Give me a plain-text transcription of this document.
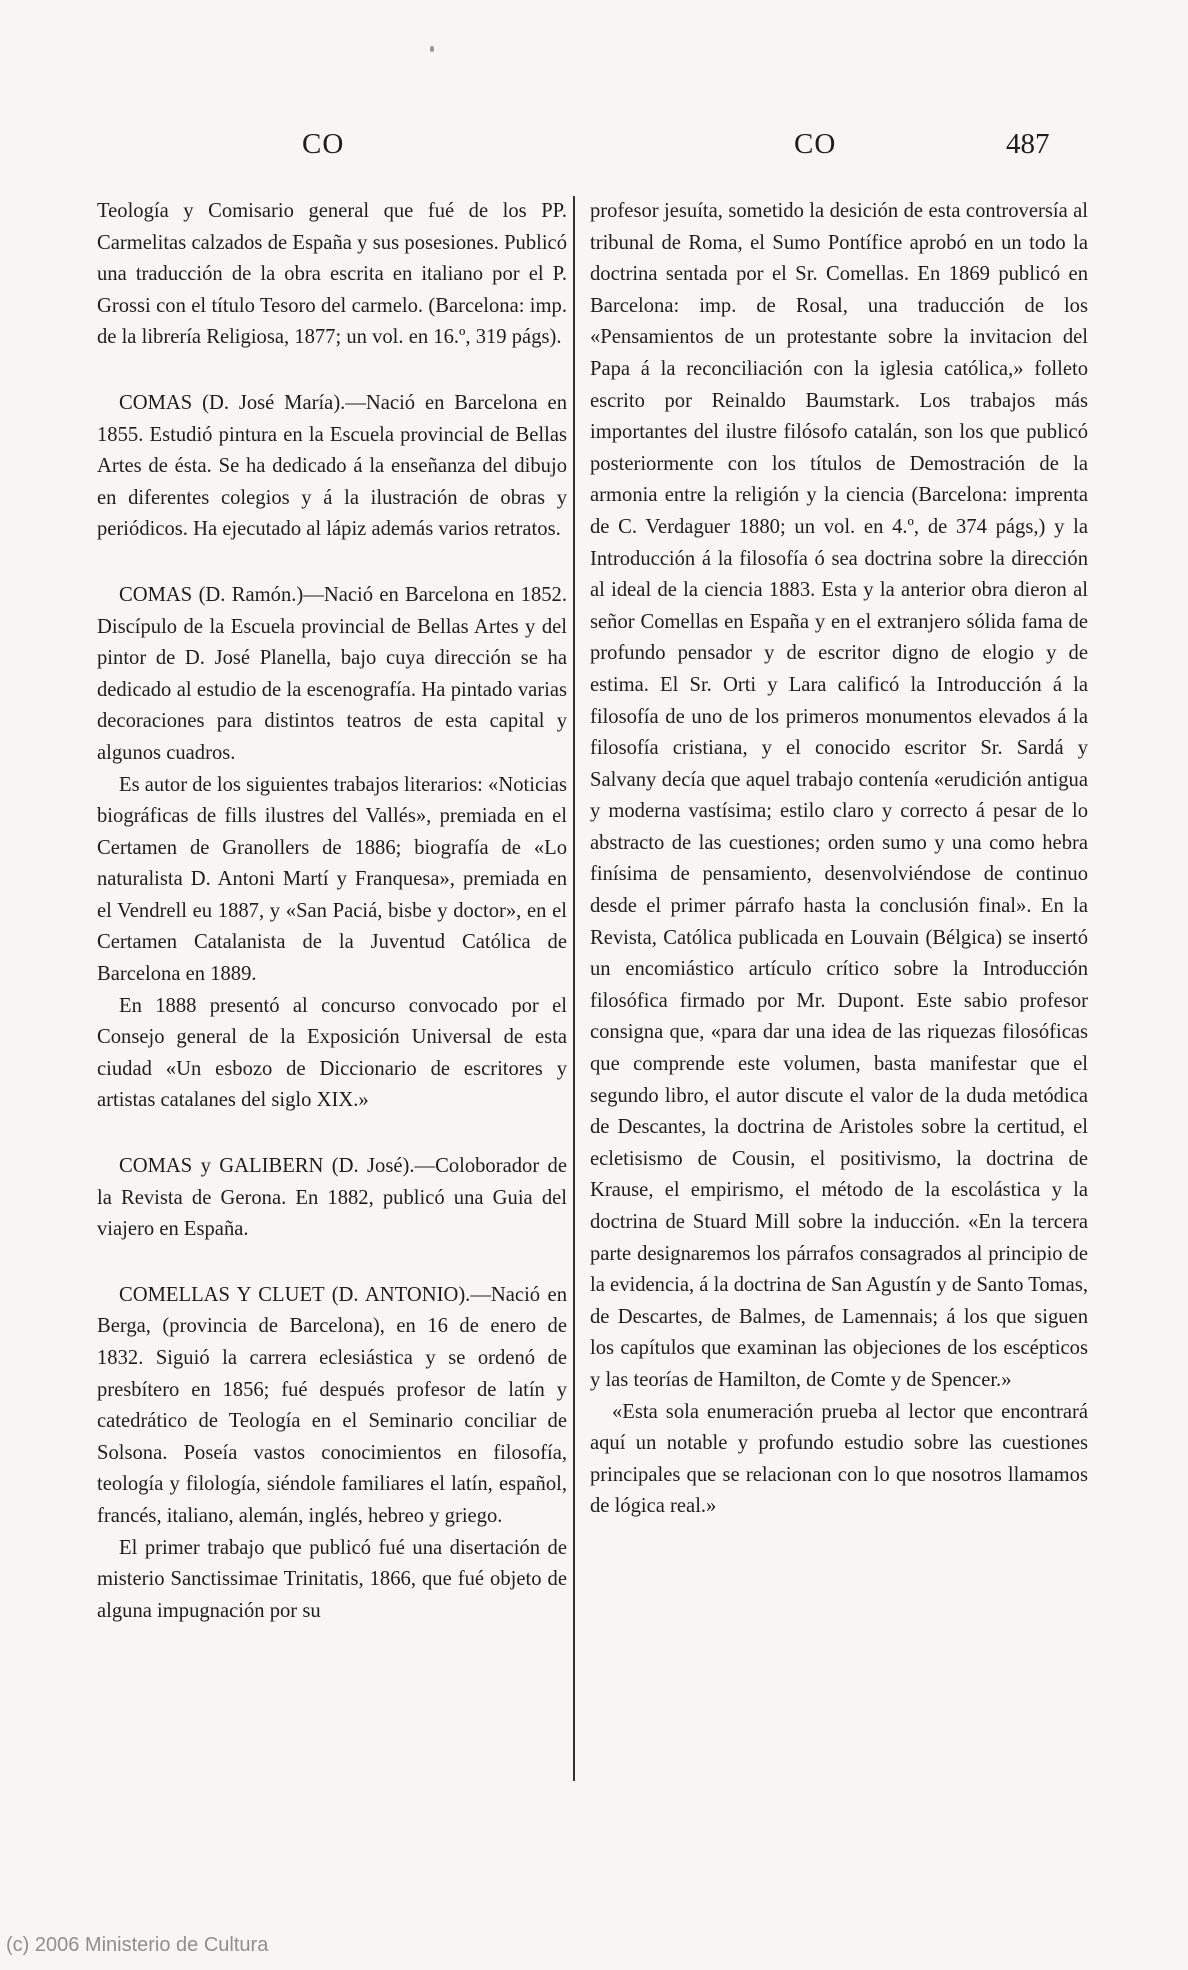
CO	CO	487

Teología y Comisario general que fué de los PP. Carmelitas calzados de España y sus posesiones. Publicó una traducción de la obra escrita en italiano por el P. Grossi con el título Tesoro del carmelo. (Barcelona: imp. de la librería Religiosa, 1877; un vol. en 16.º, 319 págs).

COMAS (D. José María).—Nació en Barcelona en 1855. Estudió pintura en la Escuela provincial de Bellas Artes de ésta. Se ha dedicado á la enseñanza del dibujo en diferentes colegios y á la ilustración de obras y periódicos. Ha ejecutado al lápiz además varios retratos.

COMAS (D. Ramón.)—Nació en Barcelona en 1852. Discípulo de la Escuela provincial de Bellas Artes y del pintor de D. José Planella, bajo cuya dirección se ha dedicado al estudio de la escenografía. Ha pintado varias decoraciones para distintos teatros de esta capital y algunos cuadros.

Es autor de los siguientes trabajos literarios: «Noticias biográficas de fills ilustres del Vallés», premiada en el Certamen de Granollers de 1886; biografía de «Lo naturalista D. Antoni Martí y Franquesa», premiada en el Vendrell eu 1887, y «San Paciá, bisbe y doctor», en el Certamen Catalanista de la Juventud Católica de Barcelona en 1889.

En 1888 presentó al concurso convocado por el Consejo general de la Exposición Universal de esta ciudad «Un esbozo de Diccionario de escritores y artistas catalanes del siglo XIX.»

COMAS y GALIBERN (D. José).—Coloborador de la Revista de Gerona. En 1882, publicó una Guia del viajero en España.

COMELLAS Y CLUET (D. ANTONIO).—Nació en Berga, (provincia de Barcelona), en 16 de enero de 1832. Siguió la carrera eclesiástica y se ordenó de presbítero en 1856; fué después profesor de latín y catedrático de Teología en el Seminario conciliar de Solsona. Poseía vastos conocimientos en filosofía, teología y filología, siéndole familiares el latín, español, francés, italiano, alemán, inglés, hebreo y griego.

El primer trabajo que publicó fué una disertación de misterio Sanctissimae Trinitatis, 1866, que fué objeto de alguna impugnación por su

profesor jesuíta, sometido la desición de esta controversía al tribunal de Roma, el Sumo Pontífice aprobó en un todo la doctrina sentada por el Sr. Comellas. En 1869 publicó en Barcelona: imp. de Rosal, una traducción de los «Pensamientos de un protestante sobre la invitacion del Papa á la reconciliación con la iglesia católica,» folleto escrito por Reinaldo Baumstark. Los trabajos más importantes del ilustre filósofo catalán, son los que publicó posteriormente con los títulos de Demostración de la armonia entre la religión y la ciencia (Barcelona: imprenta de C. Verdaguer 1880; un vol. en 4.º, de 374 págs,) y la Introducción á la filosofía ó sea doctrina sobre la dirección al ideal de la ciencia 1883. Esta y la anterior obra dieron al señor Comellas en España y en el extranjero sólida fama de profundo pensador y de escritor digno de elogio y de estima. El Sr. Orti y Lara calificó la Introducción á la filosofía de uno de los primeros monumentos elevados á la filosofía cristiana, y el conocido escritor Sr. Sardá y Salvany decía que aquel trabajo contenía «erudición antigua y moderna vastísima; estilo claro y correcto á pesar de lo abstracto de las cuestiones; orden sumo y una como hebra finísima de pensamiento, desenvolviéndose de continuo desde el primer párrafo hasta la conclusión final». En la Revista, Católica publicada en Louvain (Bélgica) se insertó un encomiástico artículo crítico sobre la Introducción filosófica firmado por Mr. Dupont. Este sabio profesor consigna que, «para dar una idea de las riquezas filosóficas que comprende este volumen, basta manifestar que el segundo libro, el autor discute el valor de la duda metódica de Descantes, la doctrina de Aristoles sobre la certitud, el ecletisismo de Cousin, el positivismo, la doctrina de Krause, el empirismo, el método de la escolástica y la doctrina de Stuard Mill sobre la inducción. «En la tercera parte designaremos los párrafos consagrados al principio de la evidencia, á la doctrina de San Agustín y de Santo Tomas, de Descartes, de Balmes, de Lamennais; á los que siguen los capítulos que examinan las objeciones de los escépticos y las teorías de Hamilton, de Comte y de Spencer.»

«Esta sola enumeración prueba al lector que encontrará aquí un notable y profundo estudio sobre las cuestiones principales que se relacionan con lo que nosotros llamamos de lógica real.»

(c) 2006 Ministerio de Cultura
